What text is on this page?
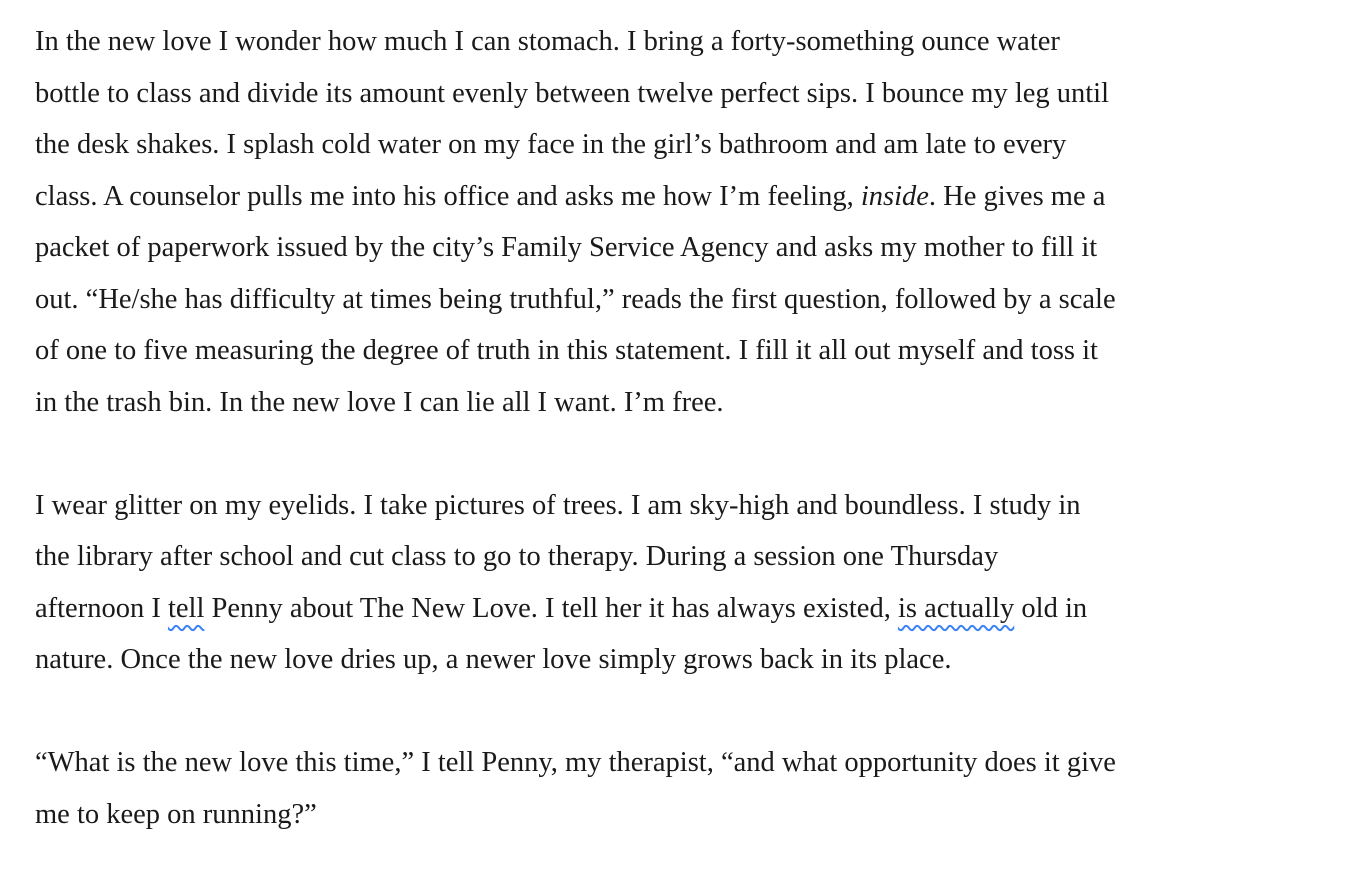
In the new love I wonder how much I can stomach. I bring a forty-something ounce water
bottle to class and divide its amount evenly between twelve perfect sips. I bounce my leg until
the desk shakes. I splash cold water on my face in the girl’s bathroom and am late to every
class. A counselor pulls me into his office and asks me how I’m feeling, inside. He gives me a
packet of paperwork issued by the city’s Family Service Agency and asks my mother to fill it
out. “He/she has difficulty at times being truthful,” reads the first question, followed by a scale
of one to five measuring the degree of truth in this statement. I fill it all out myself and toss it
in the trash bin. In the new love I can lie all I want. I’m free.

I wear glitter on my eyelids. I take pictures of trees. I am sky-high and boundless. I study in
the library after school and cut class to go to therapy. During a session one Thursday
afternoon I tell Penny about The New Love. I tell her it has always existed, is actually old in
nature. Once the new love dries up, a newer love simply grows back in its place.

“What is the new love this time,” I tell Penny, my therapist, “and what opportunity does it give
me to keep on running?”
